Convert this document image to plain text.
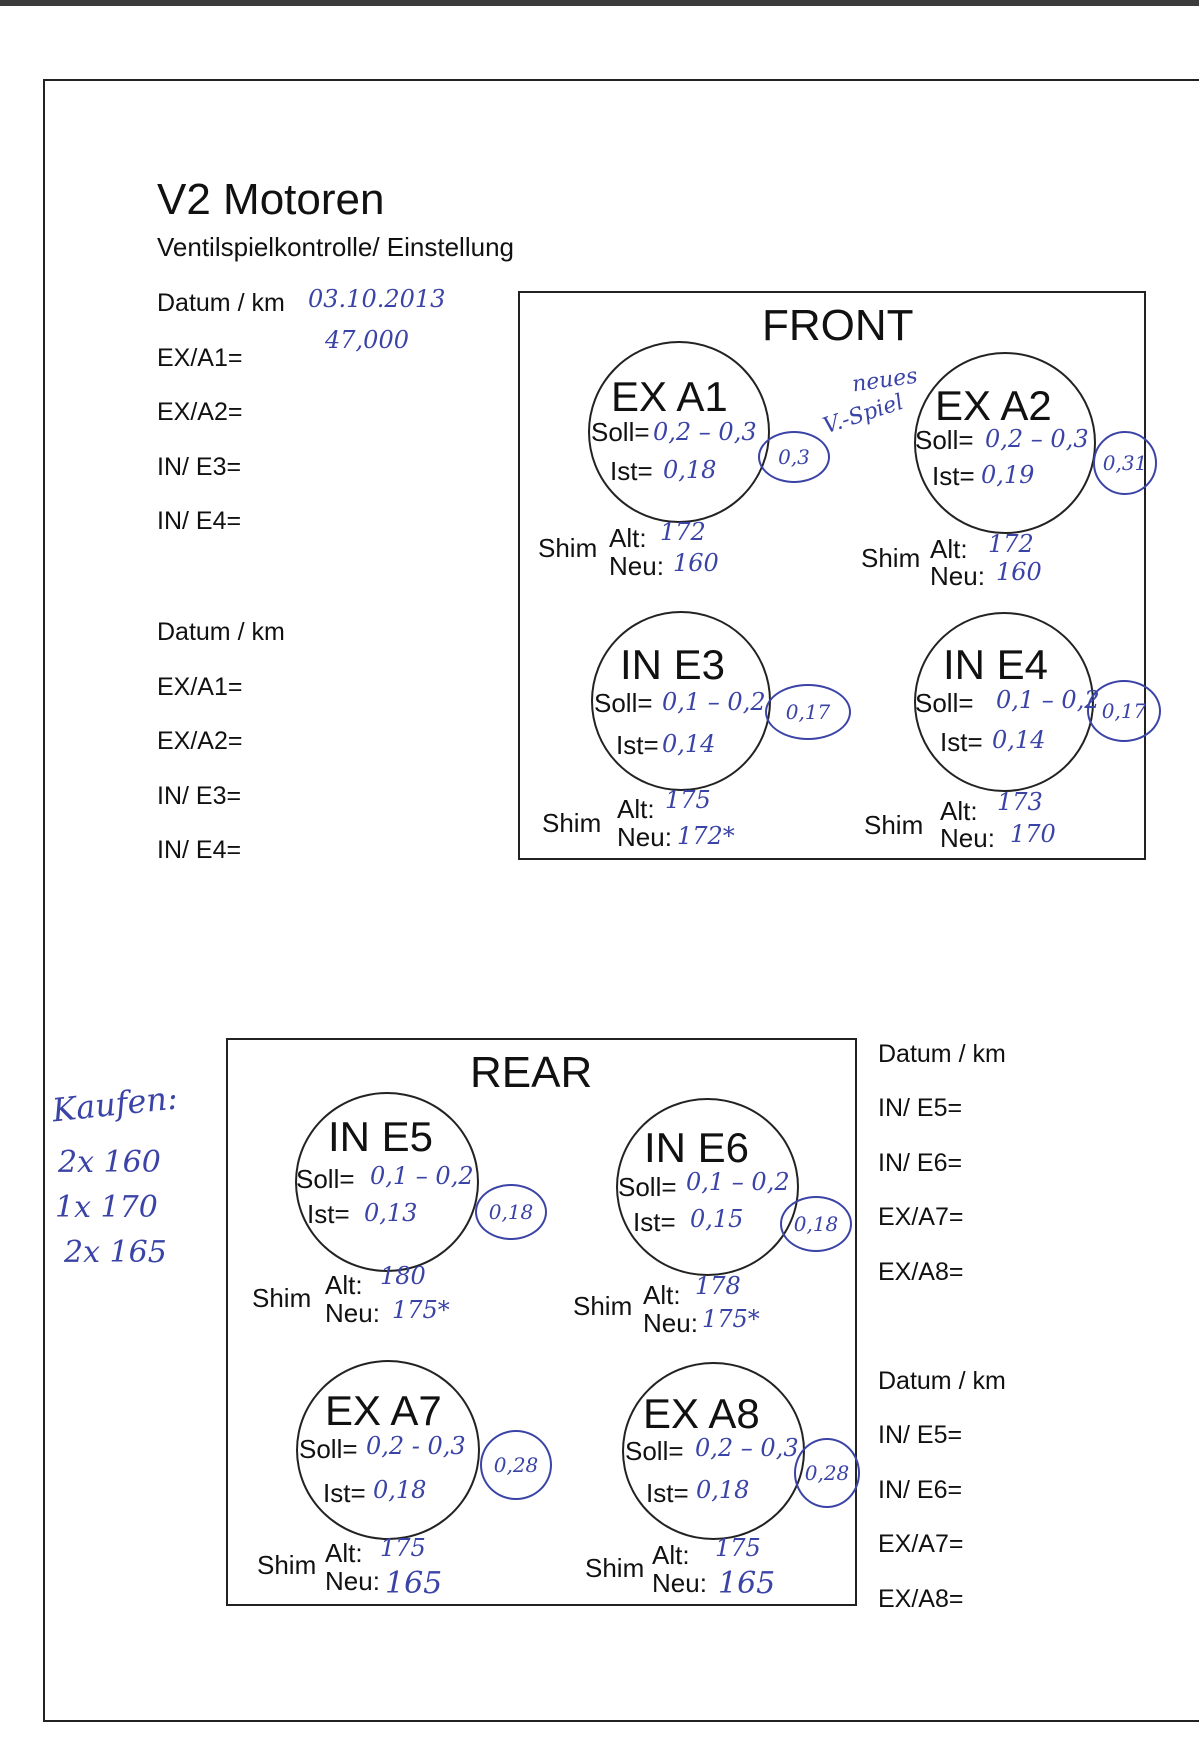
V2 Motoren
Ventilspielkontrolle/ Einstellung
Datum / km 03.10.2013
47,000
EX/A1=
EX/A2=
IN/ E3=
IN/ E4=
Datum / km
EX/A1=
EX/A2=
IN/ E3=
IN/ E4=
FRONT
neues
V.-Spiel
EX A1
Soll= 0,2 – 0,3
Ist= 0,18	0,3
Shim Alt: 172
Neu: 160
EX A2
Soll= 0,2 – 0,3
Ist= 0,19	0,31
Shim Alt: 172
Neu: 160
IN E3
Soll= 0,1 – 0,2
Ist= 0,14
0,17
Shim Alt: 175
Neu: 172*
IN E4
Soll= 0,1 – 0,2
Ist= 0,14
0,17
Shim Alt: 173
Neu: 170
Kaufen:
2x 160
1x 170
2x 165
REAR
IN E5
Soll= 0,1 – 0,2
Ist= 0,13	0,18
Shim Alt: 180
Neu: 175*
IN E6
Soll= 0,1 – 0,2
Ist= 0,15	0,18
Shim Alt: 178
Neu: 175*
EX A7
Soll= 0,2 - 0,3
Ist= 0,18
0,28
Shim Alt: 175
Neu: 165
EX A8
Soll= 0,2 – 0,3
Ist= 0,18
0,28
Shim Alt: 175
Neu: 165
Datum / km
IN/ E5=
IN/ E6=
EX/A7=
EX/A8=
Datum / km
IN/ E5=
IN/ E6=
EX/A7=
EX/A8=
